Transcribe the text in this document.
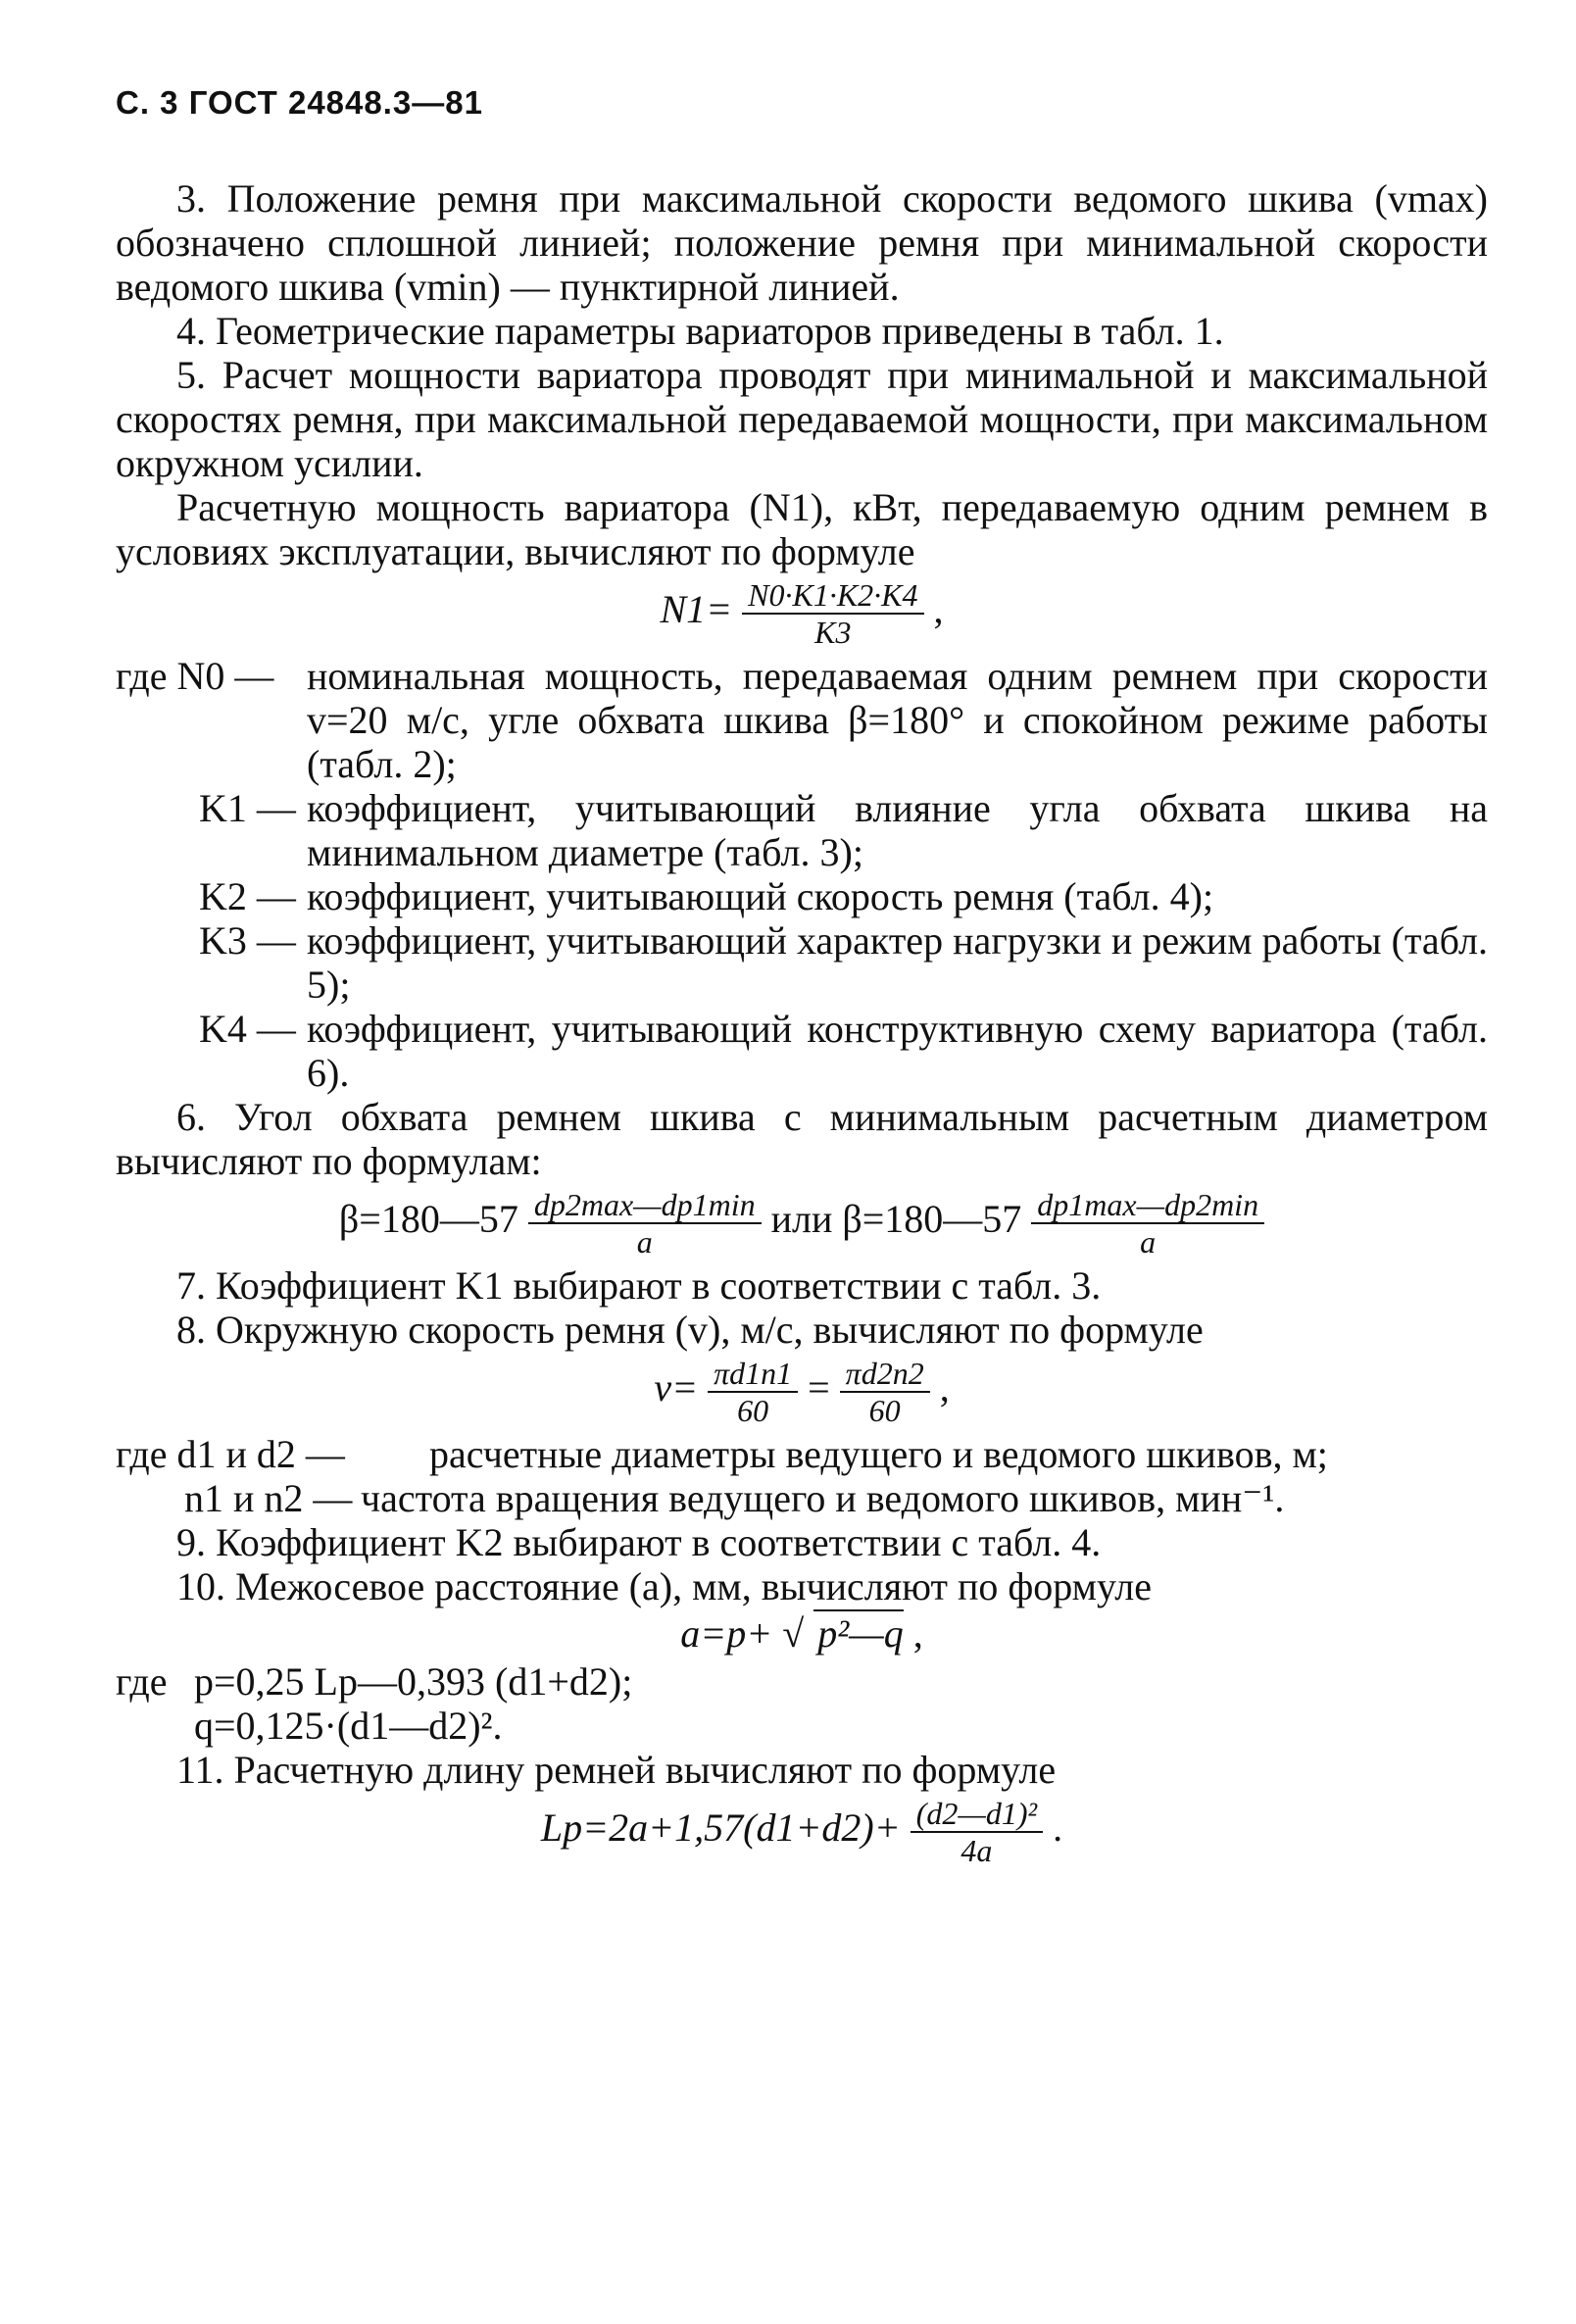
С. 3 ГОСТ 24848.3—81

3. Положение ремня при максимальной скорости ведомого шкива (vmax) обозначено сплошной линией; положение ремня при минимальной скорости ведомого шкива (vmin) — пунктирной линией.

4. Геометрические параметры вариаторов приведены в табл. 1.

5. Расчет мощности вариатора проводят при минимальной и максимальной скоростях ремня, при максимальной передаваемой мощности, при максимальном окружном усилии.

Расчетную мощность вариатора (N1), кВт, передаваемую одним ремнем в условиях эксплуатации, вычисляют по формуле

$N1= \frac{N0\cdot K1\cdot K2\cdot K4}{K3}$ ,
где N0 — номинальная мощность, передаваемая одним ремнем при скорости v=20 м/с, угле обхвата шкива β=180° и спокойном режиме работы (табл. 2);
K1 — коэффициент, учитывающий влияние угла обхвата шкива на минимальном диаметре (табл. 3);
K2 — коэффициент, учитывающий скорость ремня (табл. 4);
K3 — коэффициент, учитывающий характер нагрузки и режим работы (табл. 5);
K4 — коэффициент, учитывающий конструктивную схему вариатора (табл. 6).

6. Угол обхвата ремнем шкива с минимальным расчетным диаметром вычисляют по формулам:

β=180—57 $\frac{dp2\max—dp1\min}{a}$ или β=180—57 $\frac{dp1\max—dp2\min}{a}$

7. Коэффициент K1 выбирают в соответствии с табл. 3.

8. Окружную скорость ремня (v), м/с, вычисляют по формуле

$v= \frac{\pi d1n1}{60} = \frac{\pi d2n2}{60}$ ,
где d1 и d2 —	расчетные диаметры ведущего и ведомого шкивов, м;
n1 и n2 — частота вращения ведущего и ведомого шкивов, мин⁻¹.

9. Коэффициент K2 выбирают в соответствии с табл. 4.

10. Межосевое расстояние (a), мм, вычисляют по формуле

a=p+ √ p²—q ,
где p=0,25 Lp—0,393 (d1+d2);
q=0,125·(d1—d2)².

11. Расчетную длину ремней вычисляют по формуле

$Lp=2a+1,57(d1+d2)+ \frac{\text{(d2—d1)²}}{4a}$ .
